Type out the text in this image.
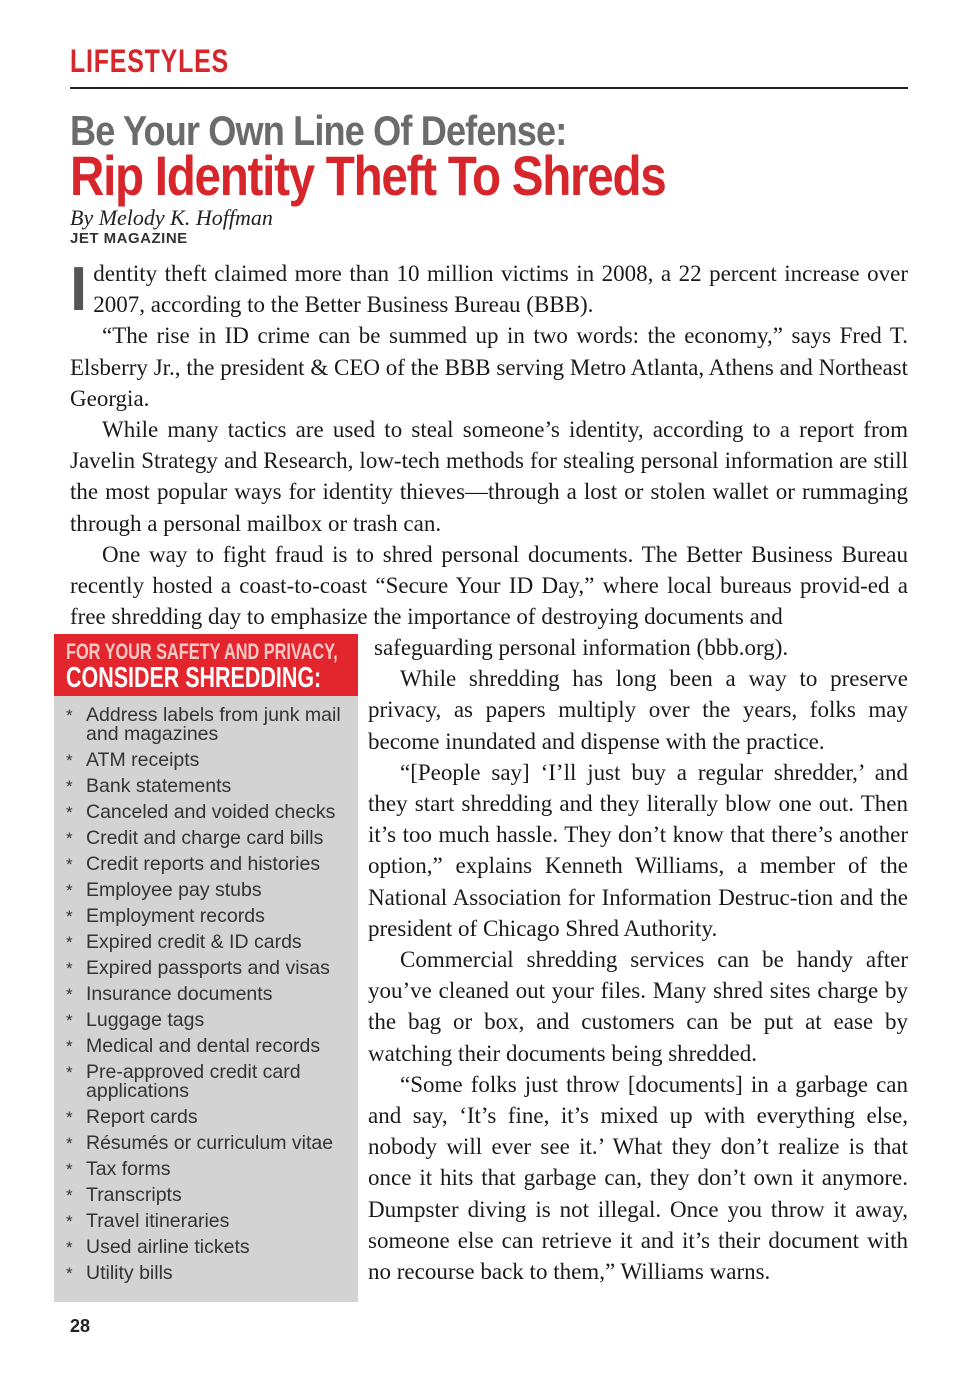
LIFESTYLES
Be Your Own Line Of Defense:
Rip Identity Theft To Shreds
By Melody K. Hoffman
JET MAGAZINE

Identity theft claimed more than 10 million victims in 2008, a 22 percent increase over 2007, according to the Better Business Bureau (BBB).

“The rise in ID crime can be summed up in two words: the economy,” says Fred T. Elsberry Jr., the president & CEO of the BBB serving Metro Atlanta, Athens and Northeast Georgia.

While many tactics are used to steal someone’s identity, according to a report from Javelin Strategy and Research, low-tech methods for stealing personal information are still the most popular ways for identity thieves—through a lost or stolen wallet or rummaging through a personal mailbox or trash can.

One way to fight fraud is to shred personal documents. The Better Business Bureau recently hosted a coast-to-coast “Secure Your ID Day,” where local bureaus provid-ed a free shredding day to emphasize the importance of destroying documents and

FOR YOUR SAFETY AND PRIVACY,
CONSIDER SHREDDING:
* Address labels from junk mail and magazines
* ATM receipts
* Bank statements
* Canceled and voided checks
* Credit and charge card bills
* Credit reports and histories
* Employee pay stubs
* Employment records
* Expired credit & ID cards
* Expired passports and visas
* Insurance documents
* Luggage tags
* Medical and dental records
* Pre-approved credit card applications
* Report cards
* Résumés or curriculum vitae
* Tax forms
* Transcripts
* Travel itineraries
* Used airline tickets
* Utility bills

safeguarding personal information (bbb.org).

While shredding has long been a way to preserve privacy, as papers multiply over the years, folks may become inundated and dispense with the practice.

“[People say] ‘I’ll just buy a regular shredder,’ and they start shredding and they literally blow one out. Then it’s too much hassle. They don’t know that there’s another option,” explains Kenneth Williams, a member of the National Association for Information Destruc-tion and the president of Chicago Shred Authority.

Commercial shredding services can be handy after you’ve cleaned out your files. Many shred sites charge by the bag or box, and customers can be put at ease by watching their documents being shredded.

“Some folks just throw [documents] in a garbage can and say, ‘It’s fine, it’s mixed up with everything else, nobody will ever see it.’ What they don’t realize is that once it hits that garbage can, they don’t own it anymore. Dumpster diving is not illegal. Once you throw it away, someone else can retrieve it and it’s their document with no recourse back to them,” Williams warns.

28
